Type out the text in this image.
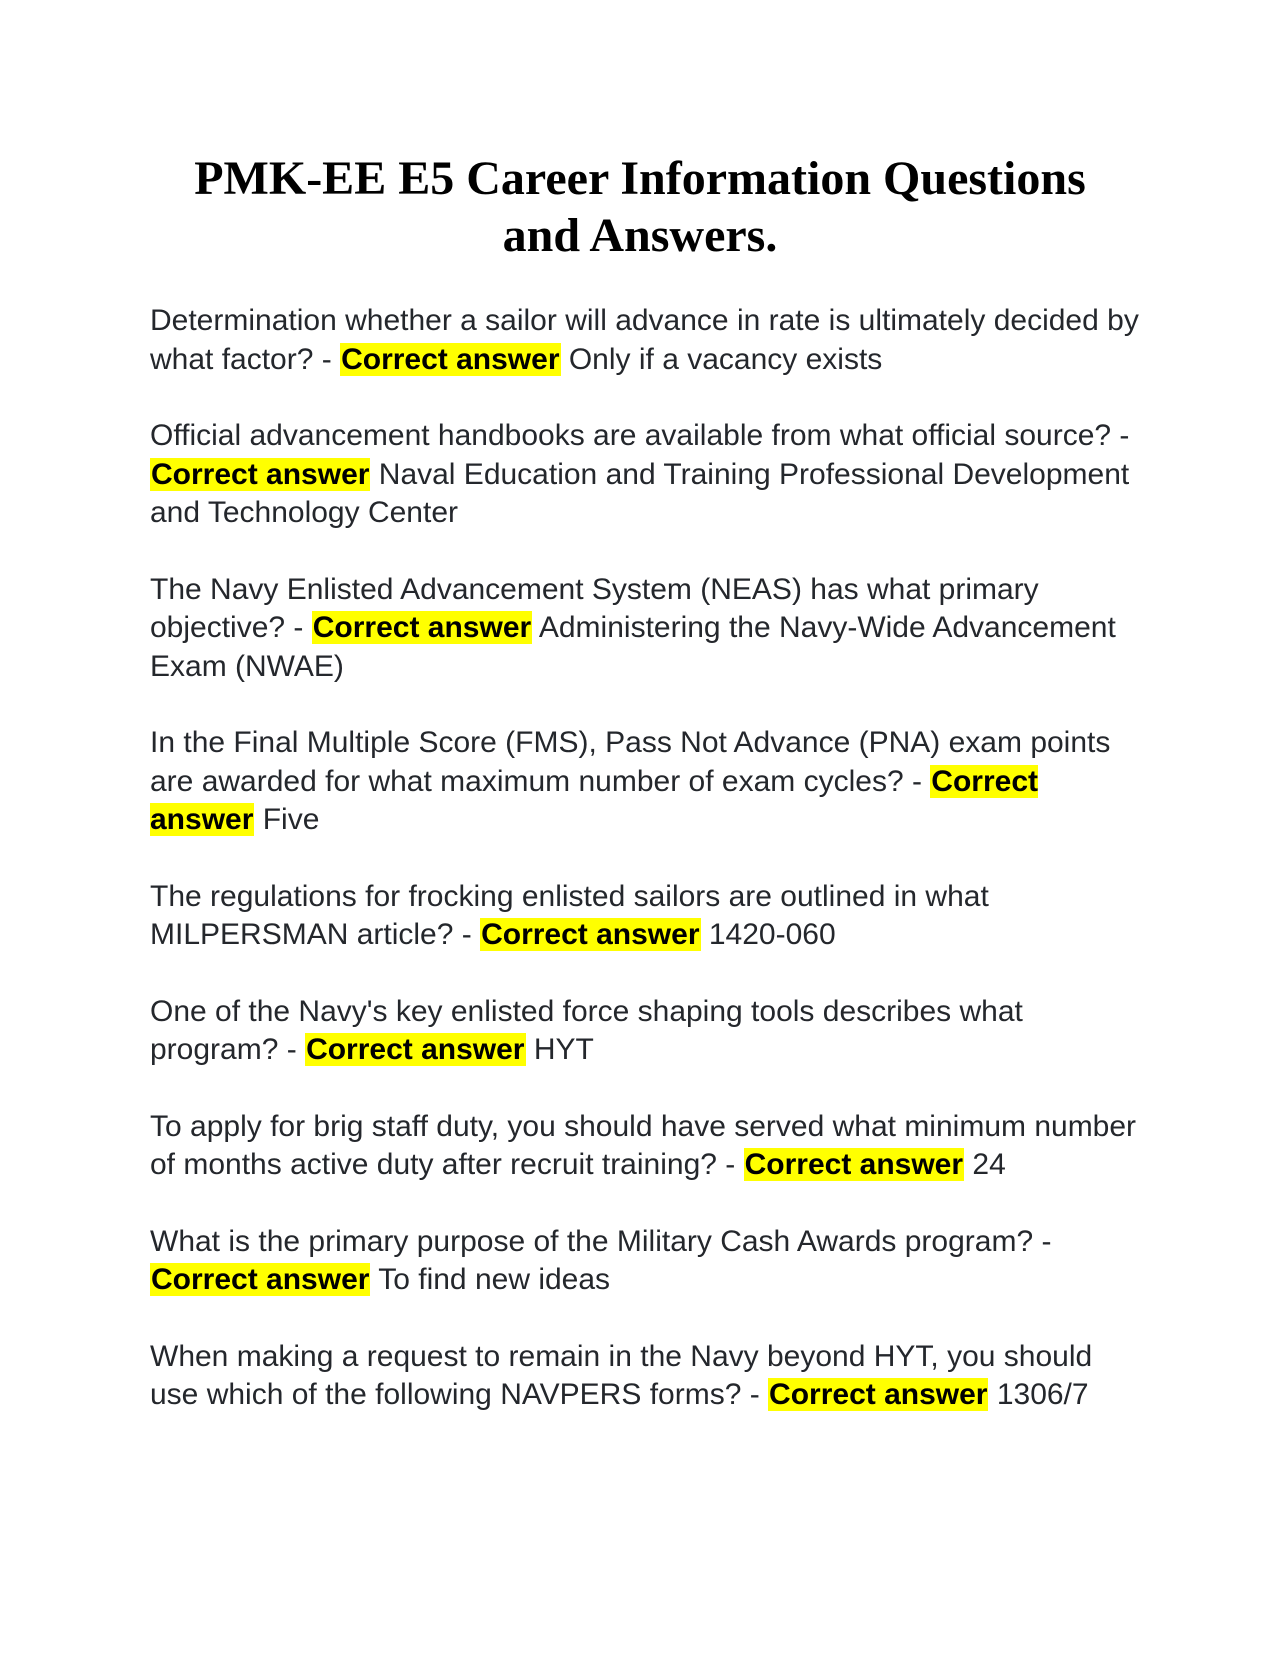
PMK-EE E5 Career Information Questions and Answers.

Determination whether a sailor will advance in rate is ultimately decided by what factor? - Correct answer Only if a vacancy exists

Official advancement handbooks are available from what official source? - Correct answer Naval Education and Training Professional Development and Technology Center

The Navy Enlisted Advancement System (NEAS) has what primary objective? - Correct answer Administering the Navy-Wide Advancement Exam (NWAE)

In the Final Multiple Score (FMS), Pass Not Advance (PNA) exam points are awarded for what maximum number of exam cycles? - Correct answer Five

The regulations for frocking enlisted sailors are outlined in what MILPERSMAN article? - Correct answer 1420-060

One of the Navy's key enlisted force shaping tools describes what program? - Correct answer HYT

To apply for brig staff duty, you should have served what minimum number of months active duty after recruit training? - Correct answer 24

What is the primary purpose of the Military Cash Awards program? - Correct answer To find new ideas

When making a request to remain in the Navy beyond HYT, you should use which of the following NAVPERS forms? - Correct answer 1306/7
